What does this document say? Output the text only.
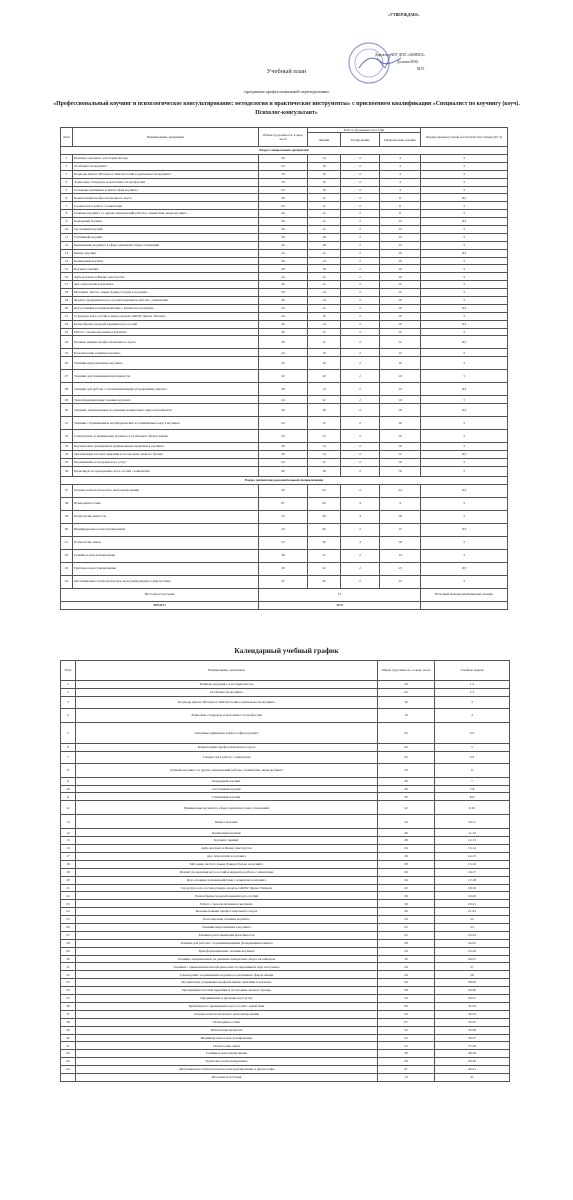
«УТВЕРЖДАЮ»
Директор ЧОУ ДПО «ЗАНЕЯЛ»
Долгова М.Ю.
М.П.
Учебный план
программы профессиональной переподготовки
«Профессиональный коучинг и психологическое консультирование: методология и практические инструменты» с присвоением квалификации «Специалист по коучингу (коуч). Психолог-консультант»
№пп	Наименование дисциплин	Общая трудоемкость, в акад. часах	Работа обучающегося в СДО			Формы промежуточной и итоговой аттестации (ДЗ, З)
			Лекции	Тестирование	Практические задания	
Раздел специальных дисциплин						
1	Понятие «коучинг» и история метода	20	14	2	4	З
2	Особенности коучинга	22	16	2	4	З
3	Подходы Джона Уитмора и Тимоти Голви к деятельности коучинга	16	10	2	4	З
4	Этические стандарты и непотизмость профессии	16	10	2	4	З
5	Основные принципы и философия коучинга	22	16	2	4	З
6	Компетенции профессионального коуча	20	12	2	6	ДЗ
7	Сложности в работе с клиентами	22	12	2	8	З
8	Отличие коучинга от других направлений работы с клиентами, виды коучинга	20	12	2	6	З
9	Карьерный коучинг	26	12	2	12	ДЗ
10	Системный коучинг	26	12	2	12	З
11	Глубинный коучинг	30	16	2	12	З
12	Применение коучинга в сфере межличностных отношений	32	18	2	12	З
13	Бизнес-коучинг	24	12	2	10	ДЗ
14	Командный коучинг	26	14	2	10	З
15	Коучинг-тренинг	28	16	2	10	З
16	Agile-коучинг и Бизнес-мастерство	24	12	2	10	З
17	Арт-технологии в коучинге	26	12	2	12	З
18	Методика чистого языка Дэвида Гроува в коучинге	28	14	2	12	З
19	Формат проведения коуч-сессий и варианты работы с клиентами	26	14	2	10	З
20	Коуч-позиция и взаимодействие с клиентом в коучинге	24	12	2	10	ДЗ
21	Структура коуч-сессии и макро-модель GROW Джона Уитмора	22	10	2	10	З
22	Разнообразие моделей ведения коуч-сессий	26	14	2	10	ДЗ
23	Работа с целеполаганием в коучинге	26	12	2	12	З
24	Базовые навыки профессионального коуча	26	12	2	12	ДЗ
25	Классические техники коучинга	24	10	2	12	З
26	Техники визуализации в коучинге	22	10	2	10	З
27	Техники для повышения креативности	22	10	2	10	З
28	Техники для работы с ограничивающими убеждениями клиента	28	14	2	12	ДЗ
29	Трансформационные техники коучинга	24	12	2	10	З
30	Техники, направленные на решение конкретных запросов клиентов	30	18	2	10	ДЗ
31	Техники с применением метафорических ассоциативных карт в коучинге	24	12	2	10	З
32	Самокоучинг и применение коучинга в различных сферах жизни	24	12	2	10	З
33	Коучинговая супервизия и рефлексивные практики в коучинге	26	14	2	10	З
34	Организация частной практики и построение личного бренда	28	14	2	12	ДЗ
35	Продвижение и продажи коуч-услуг	24	12	2	10	З
36	Практикум по проведению коуч-сессий с клиентами	90	18	2	70	З
Раздел дисциплин дополнительной специализации						
37	Основы психологического консультирования	50	24	2	24	ДЗ
38	Психодиагностика	67	59	4	4	З
39	Психология личности	52	30	4	18	З
40	Индивидуальное консультирование	43	26	2	15	ДЗ
41	Психология семьи	52	30	4	18	З
42	Семейное консультирование	38	21	2	15	З
43	Групповое консультирование	29	12	2	15	ДЗ
44	Дистанционное психологическое консультирование и диагностика	47	30	2	15	З
Итоговая аттестация		13				Итоговый междисциплинарный экзамен
ИТОГО		1175				
Календарный учебный график
№пп	Наименование дисциплин	Общая трудоемкость, в акад. часах	Учебные недели
1	Понятие «коучинг» и история метода	20	1-2
2	Особенности коучинга	22	2-3
3	Подходы Джона Уитмора и Тимоти Голви к деятельности коучинга	16	3
4	Этические стандарты и непотизмость профессии	16	4
5	Основные принципы и философия коучинга	22	4-5
6	Компетенции профессионального коуча	20	5
7	Сложности в работе с клиентами	22	5-6
8	Отличие коучинга от других направлений работы с клиентами, виды коучинга	20	6
9	Карьерный коучинг	26	7
10	Системный коучинг	26	7-8
11	Глубинный коучинг	30	8-9
12	Применение коучинга в сфере межличностных отношений	32	9-10
13	Бизнес-коучинг	24	10-11
14	Командный коучинг	26	11-12
15	Коучинг-тренинг	28	12-13
16	Agile-коучинг и Бизнес-мастерство	24	13-14
17	Арт-технологии в коучинге	26	14-15
18	Методика чистого языка Дэвида Гроува в коучинге	28	15-16
19	Формат проведения коуч-сессий и варианты работы с клиентами	26	16-17
20	Коуч-позиция и взаимодействие с клиентом в коучинге	24	17-18
21	Структура коуч-сессии и макро-модель GROW Джона Уитмора	22	18-19
22	Разнообразие моделей ведения коуч-сессий	26	19-20
23	Работа с целеполаганием в коучинге	26	20-21
24	Базовые навыки профессионального коуча	26	21-22
25	Классические техники коучинга	24	22
26	Техники визуализации в коучинге	22	23
27	Техники для повышения креативности	22	23-24
28	Техники для работы с ограничивающими убеждениями клиента	28	24-25
29	Трансформационные техники коучинга	24	25-26
30	Техники, направленные на решение конкретных запросов клиентов	30	26-27
31	Техники с применением метафорических ассоциативных карт в коучинге	24	27
32	Самокоучинг и применение коучинга в различных сферах жизни	24	28
33	Коучинговая супервизия и рефлексивные практики в коучинге	26	28-29
34	Организация частной практики и построение личного бренда	28	29-30
35	Продвижение и продажи коуч-услуг	24	30-31
36	Практикум по проведению коуч-сессий с клиентами	90	31-32
37	Основы психологического консультирования	50	32-33
38	Психодиагностика	67	33-35
39	Психология личности	52	35-36
40	Индивидуальное консультирование	43	36-37
41	Психология семьи	52	37-38
42	Семейное консультирование	38	38-39
43	Групповое консультирование	29	39-40
44	Дистанционное психологическое консультирование и диагностика	47	40-41
	Итоговая аттестация	13	41
